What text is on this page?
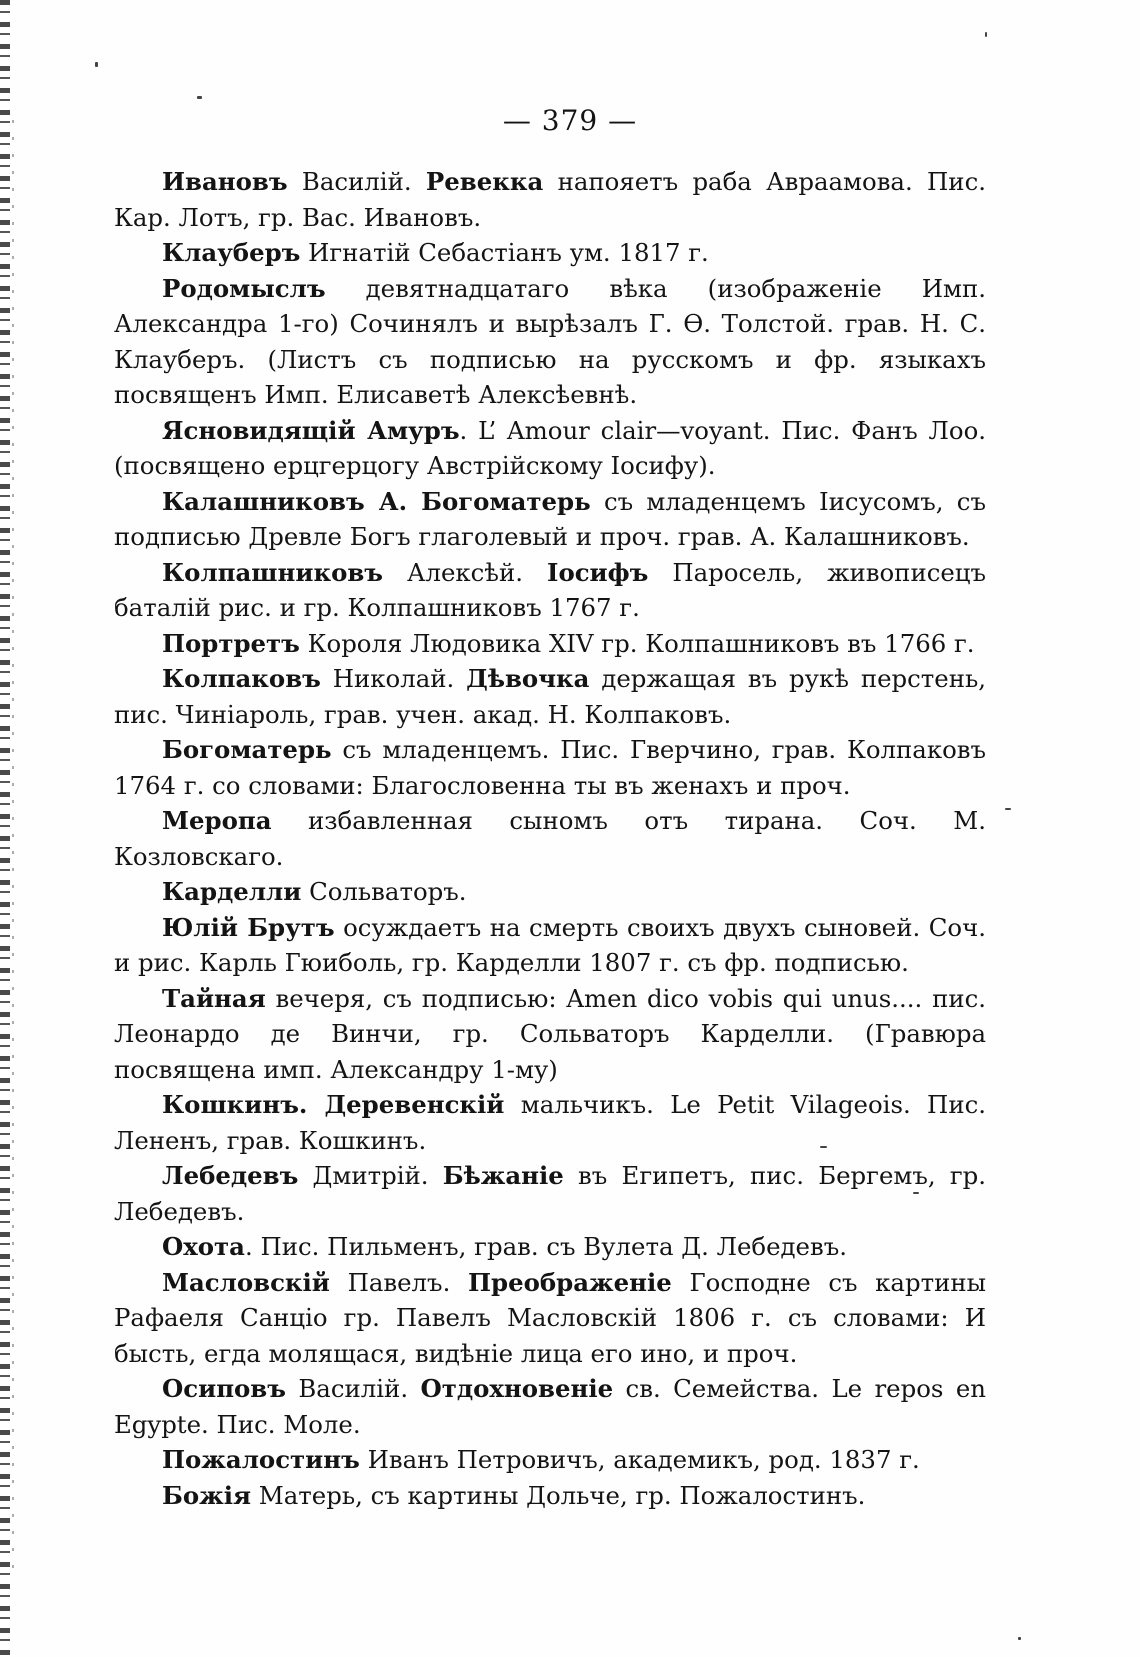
— 379 —

Ивановъ Василій. Ревекка напояетъ раба Авраамова. Пис. Кар. Лотъ, гр. Вас. Ивановъ.

Клауберъ Игнатій Себастіанъ ум. 1817 г.

Родомыслъ девятнадцатаго вѣка (изображеніе Имп. Александра 1-го) Сочинялъ и вырѣзалъ Г. Ѳ. Толстой. грав. Н. С. Клауберъ. (Листъ съ подписью на русскомъ и фр. языкахъ посвященъ Имп. Елисаветѣ Алексѣевнѣ.

Ясновидящій Амуръ. L’ Amour clair—voyant. Пис. Фанъ Лоо. (посвящено ерцгерцогу Австрійскому Іосифу).

Калашниковъ А. Богоматерь съ младенцемъ Іисусомъ, съ подписью Древле Богъ глаголевый и проч. грав. А. Калашниковъ.

Колпашниковъ Алексѣй. Іосифъ Паросель, живописецъ баталій рис. и гр. Колпашниковъ 1767 г.

Портретъ Короля Людовика XIV гр. Колпашниковъ въ 1766 г.

Колпаковъ Николай. Дѣвочка держащая въ рукѣ перстень, пис. Чиніароль, грав. учен. акад. Н. Колпаковъ.

Богоматерь съ младенцемъ. Пис. Гверчино, грав. Колпаковъ 1764 г. со словами: Благословенна ты въ женахъ и проч.

Меропа избавленная сыномъ отъ тирана. Соч. М. Козловскаго.

Карделли Сольваторъ.

Юлій Брутъ осуждаетъ на смерть своихъ двухъ сыновей. Соч. и рис. Карль Гюиболь, гр. Карделли 1807 г. съ фр. подписью.

Тайная вечеря, съ подписью: Amen dico vobis qui unus.... пис. Леонардо де Винчи, гр. Сольваторъ Карделли. (Гравюра посвящена имп. Александру 1-му)

Кошкинъ. Деревенскій мальчикъ. Le Petit Vilageois. Пис. Лененъ, грав. Кошкинъ.

Лебедевъ Дмитрій. Бѣжаніе въ Египетъ, пис. Бергемъ, гр. Лебедевъ.

Охота. Пис. Пильменъ, грав. съ Вулета Д. Лебедевъ.

Масловскій Павелъ. Преображеніе Господне съ картины Рафаеля Санціо гр. Павелъ Масловскій 1806 г. съ словами: И бысть, егда молящася, видѣніе лица его ино, и проч.

Осиповъ Василій. Отдохновеніе св. Семейства. Le repos en Egypte. Пис. Моле.

Пожалостинъ Иванъ Петровичъ, академикъ, род. 1837 г.

Божія Матерь, съ картины Дольче, гр. Пожалостинъ.
